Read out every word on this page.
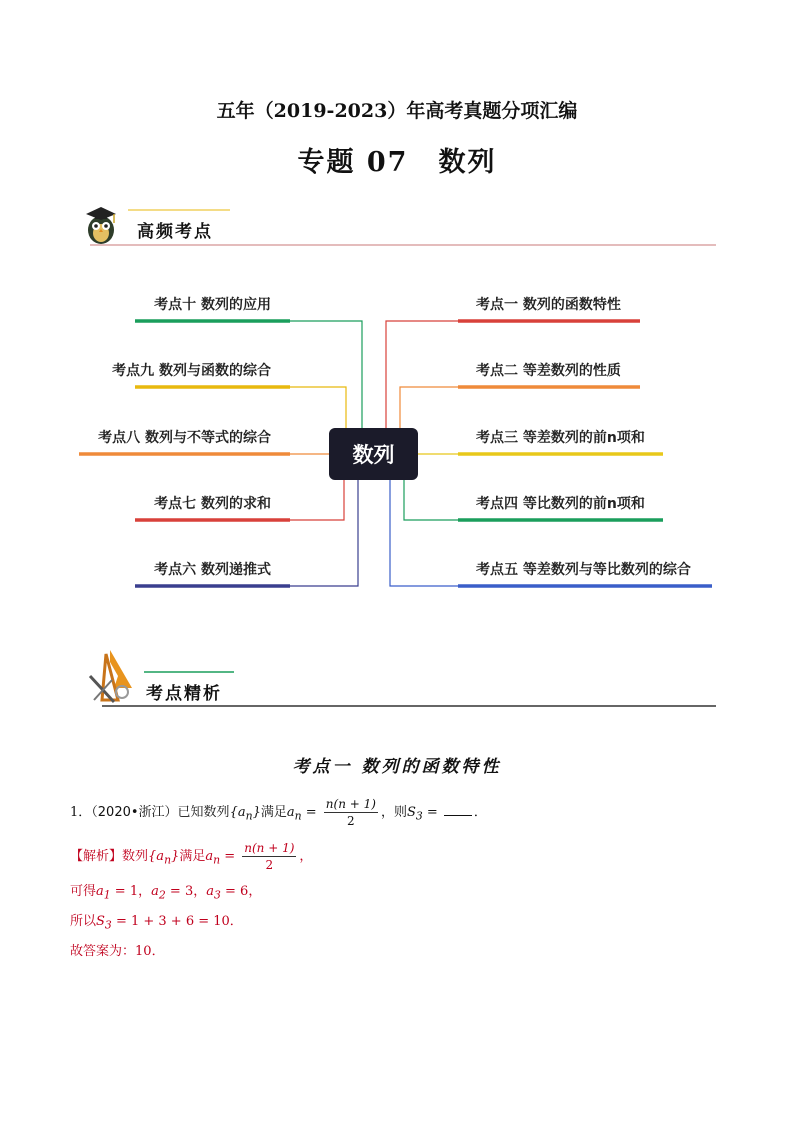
五年（2019-2023）年高考真题分项汇编
专题 07 数列
高频考点
考点十 数列的应用
考点九 数列与函数的综合
考点八 数列与不等式的综合
考点七 数列的求和
考点六 数列递推式
考点一 数列的函数特性
考点二 等差数列的性质
考点三 等差数列的前n项和
考点四 等比数列的前n项和
考点五 等差数列与等比数列的综合
数列
考点精析
考点一 数列的函数特性
1．（2020•浙江）已知数列$\{a_n\}$满足$a_n = \frac{n(n + 1)}{2}$ ，则$S_3$ = ．
【解析】数列$\{a_n\}$满足$a_n = \frac{n(n + 1)}{2}$ ，
可得$a_1 = 1$，$a_2 = 3$，$a_3 = 6$，
所以$S_3 = 1 + 3 + 6 = 10$．
故答案为：10．
